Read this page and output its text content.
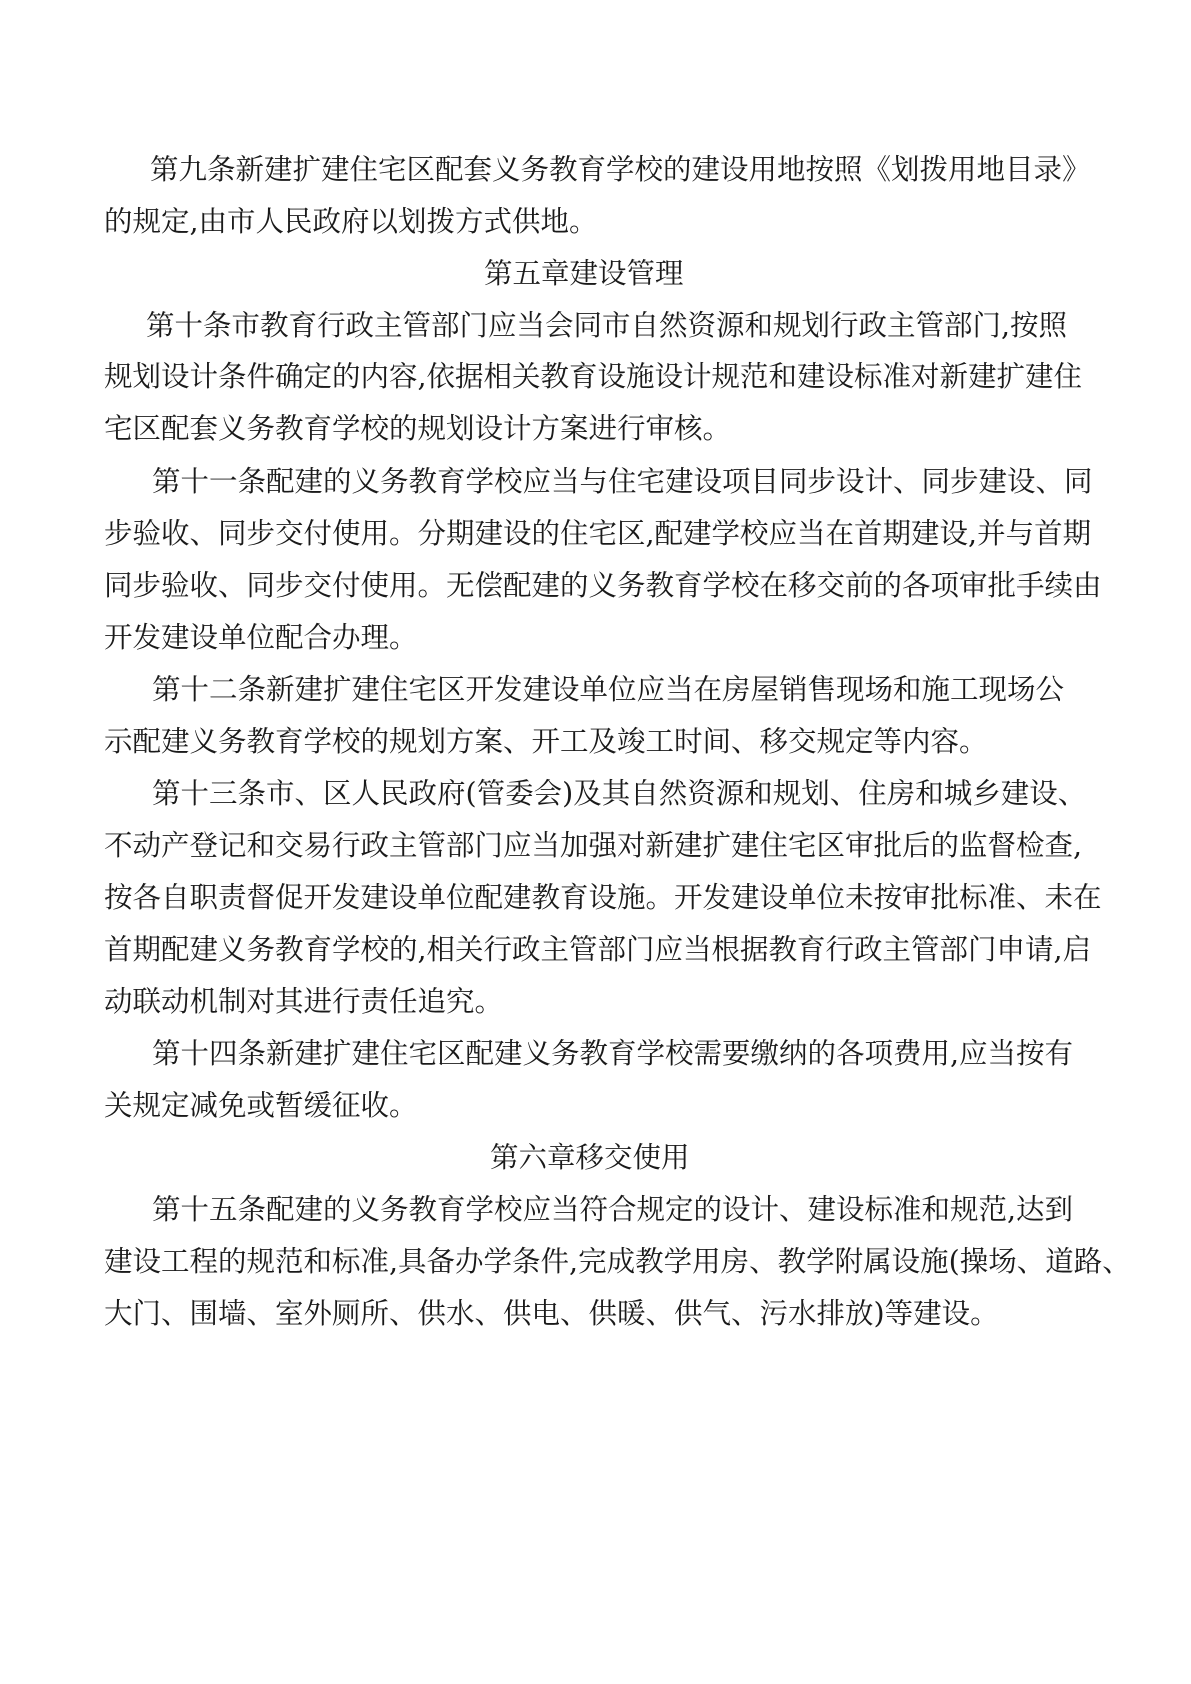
第九条新建扩建住宅区配套义务教育学校的建设用地按照《划拨用地目录》

的规定,由市人民政府以划拨方式供地。

第五章建设管理

第十条市教育行政主管部门应当会同市自然资源和规划行政主管部门,按照

规划设计条件确定的内容,依据相关教育设施设计规范和建设标准对新建扩建住

宅区配套义务教育学校的规划设计方案进行审核。

第十一条配建的义务教育学校应当与住宅建设项目同步设计、同步建设、同

步验收、同步交付使用。分期建设的住宅区,配建学校应当在首期建设,并与首期

同步验收、同步交付使用。无偿配建的义务教育学校在移交前的各项审批手续由

开发建设单位配合办理。

第十二条新建扩建住宅区开发建设单位应当在房屋销售现场和施工现场公

示配建义务教育学校的规划方案、开工及竣工时间、移交规定等内容。

第十三条市、区人民政府(管委会)及其自然资源和规划、住房和城乡建设、

不动产登记和交易行政主管部门应当加强对新建扩建住宅区审批后的监督检查,

按各自职责督促开发建设单位配建教育设施。开发建设单位未按审批标准、未在

首期配建义务教育学校的,相关行政主管部门应当根据教育行政主管部门申请,启

动联动机制对其进行责任追究。

第十四条新建扩建住宅区配建义务教育学校需要缴纳的各项费用,应当按有

关规定减免或暂缓征收。

第六章移交使用

第十五条配建的义务教育学校应当符合规定的设计、建设标准和规范,达到

建设工程的规范和标准,具备办学条件,完成教学用房、教学附属设施(操场、道路、

大门、围墙、室外厕所、供水、供电、供暖、供气、污水排放)等建设。
